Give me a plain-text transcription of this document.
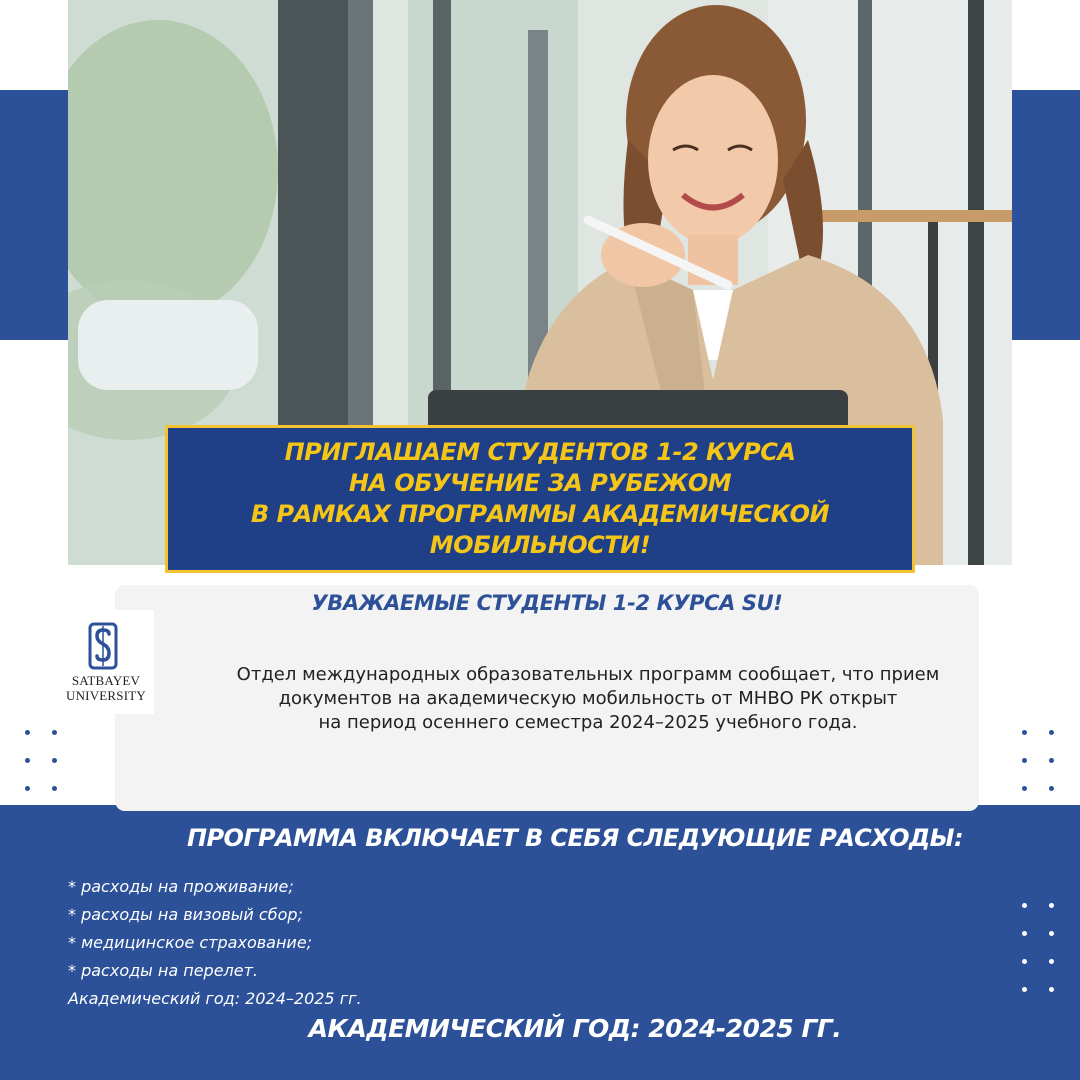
ПРИГЛАШАЕМ СТУДЕНТОВ 1-2 КУРСА
НА ОБУЧЕНИЕ ЗА РУБЕЖОМ
В РАМКАХ ПРОГРАММЫ АКАДЕМИЧЕСКОЙ
МОБИЛЬНОСТИ!
УВАЖАЕМЫЕ СТУДЕНТЫ 1-2 КУРСА SU!
Отдел международных образовательных программ сообщает, что прием
документов на академическую мобильность от МНВО РК открыт
на период осеннего семестра 2024–2025 учебного года.
SATBAYEV
UNIVERSITY
ПРОГРАММА ВКЛЮЧАЕТ В СЕБЯ СЛЕДУЮЩИЕ РАСХОДЫ:
* расходы на проживание;
* расходы на визовый сбор;
* медицинское страхование;
* расходы на перелет.
Академический год: 2024–2025 гг.
АКАДЕМИЧЕСКИЙ ГОД: 2024-2025 ГГ.
